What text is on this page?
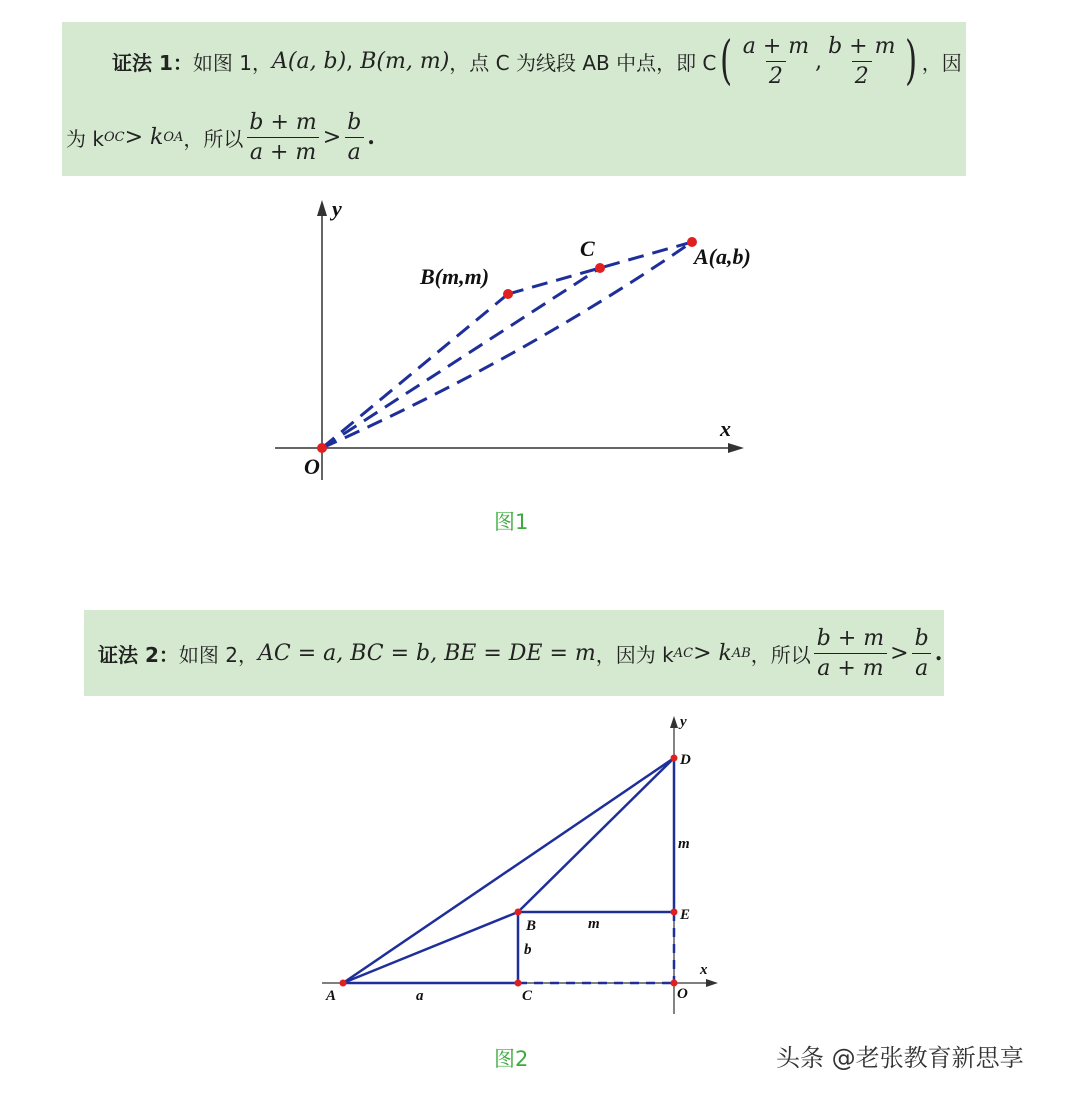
证法 1： 如图 1， A(a, b) , B(m, m) ，点 C 为线段 AB 中点，即 C ( $\frac{a + m}{2}$ , $\frac{b + m}{2}$ ) ，因
为 k OC > k OA ，所以 $\frac{b + m}{a + m} > \frac{b}{a}$ .
y
x
O
B(m,m)
C	A(a,b)
图1
证法 2： 如图 2， AC = a, BC = b, BE = DE = m ，因为 k AC > k AB ，所以 $\frac{b + m}{a + m} > \frac{b}{a}$ .
y
x
D
E
B
C	O
A
m
m
b
a
图2	头条 @老张教育新思享
